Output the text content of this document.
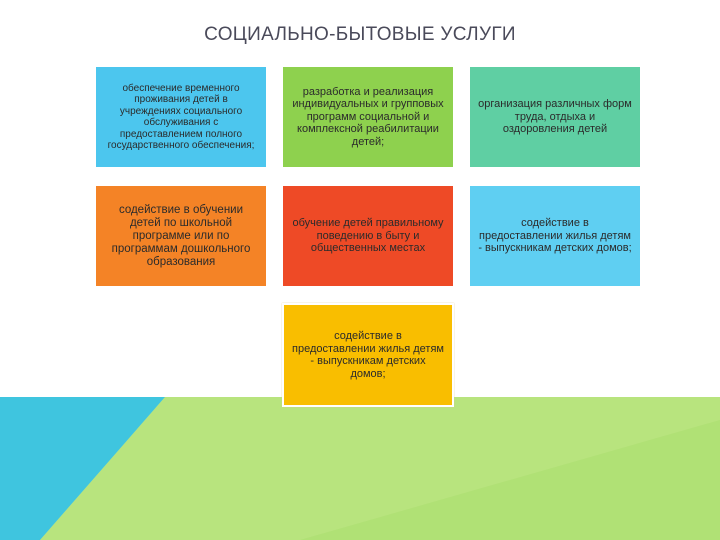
СОЦИАЛЬНО-БЫТОВЫЕ УСЛУГИ
обеспечение временного проживания детей в учреждениях социального обслуживания с предоставлением полного государственного обеспечения;
разработка и реализация индивидуальных и групповых программ социальной и комплексной реабилитации детей;
организация различных форм труда, отдыха и оздоровления детей
содействие в обучении детей по школьной программе или по программам дошкольного образования
обучение детей правильному поведению в быту и общественных местах
содействие в предоставлении жилья детям - выпускникам детских домов;
содействие в предоставлении жилья детям - выпускникам детских домов;
